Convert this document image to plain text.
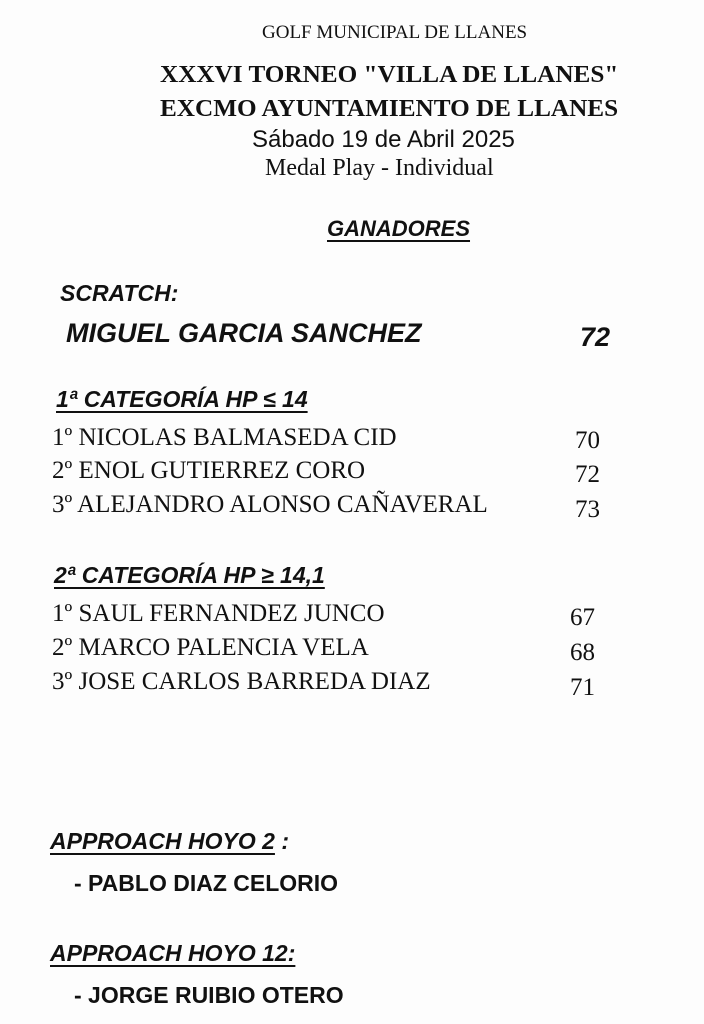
GOLF MUNICIPAL DE LLANES

XXXVI TORNEO "VILLA DE LLANES"

EXCMO AYUNTAMIENTO DE LLANES

Sábado 19 de Abril 2025

Medal Play - Individual

GANADORES

SCRATCH:

MIGUEL GARCIA SANCHEZ	72

1ª CATEGORÍA HP ≤ 14

1º NICOLAS BALMASEDA CID	70

2º ENOL GUTIERREZ CORO	72

3º ALEJANDRO ALONSO CAÑAVERAL	73

2ª CATEGORÍA HP ≥ 14,1

1º SAUL FERNANDEZ JUNCO	67

2º MARCO PALENCIA VELA	68

3º JOSE CARLOS BARREDA DIAZ	71

APPROACH HOYO 2 :

- PABLO DIAZ CELORIO

APPROACH HOYO 12:

- JORGE RUIBIO OTERO
